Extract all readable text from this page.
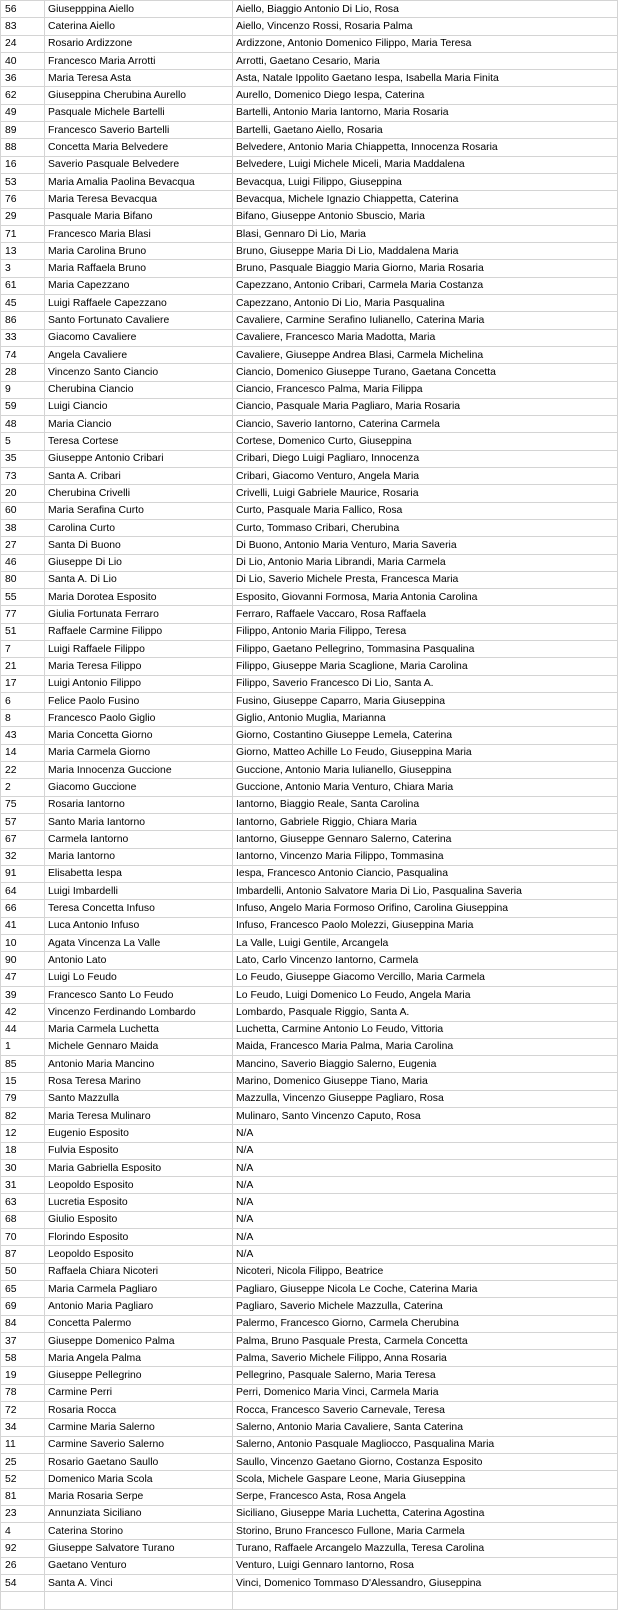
56	Giusepppina Aiello	Aiello, Biaggio Antonio Di Lio, Rosa
83	Caterina Aiello	Aiello, Vincenzo Rossi, Rosaria Palma
24	Rosario Ardizzone	Ardizzone, Antonio Domenico Filippo, Maria Teresa
40	Francesco Maria Arrotti	Arrotti, Gaetano Cesario, Maria
36	Maria Teresa Asta	Asta, Natale Ippolito Gaetano Iespa, Isabella Maria Finita
62	Giuseppina Cherubina Aurello	Aurello, Domenico Diego Iespa, Caterina
49	Pasquale Michele Bartelli	Bartelli, Antonio Maria Iantorno, Maria Rosaria
89	Francesco Saverio Bartelli	Bartelli, Gaetano Aiello, Rosaria
88	Concetta Maria Belvedere	Belvedere, Antonio Maria Chiappetta, Innocenza Rosaria
16	Saverio Pasquale Belvedere	Belvedere, Luigi Michele Miceli, Maria Maddalena
53	Maria Amalia Paolina Bevacqua	Bevacqua, Luigi Filippo, Giuseppina
76	Maria Teresa Bevacqua	Bevacqua, Michele Ignazio Chiappetta, Caterina
29	Pasquale Maria Bifano	Bifano, Giuseppe Antonio Sbuscio, Maria
71	Francesco Maria Blasi	Blasi, Gennaro Di Lio, Maria
13	Maria Carolina Bruno	Bruno, Giuseppe Maria Di Lio, Maddalena Maria
3	Maria Raffaela Bruno	Bruno, Pasquale Biaggio Maria Giorno, Maria Rosaria
61	Maria Capezzano	Capezzano, Antonio Cribari, Carmela Maria Costanza
45	Luigi Raffaele Capezzano	Capezzano, Antonio Di Lio, Maria Pasqualina
86	Santo Fortunato Cavaliere	Cavaliere, Carmine Serafino Iulianello, Caterina Maria
33	Giacomo Cavaliere	Cavaliere, Francesco Maria Madotta, Maria
74	Angela Cavaliere	Cavaliere, Giuseppe Andrea Blasi, Carmela Michelina
28	Vincenzo Santo Ciancio	Ciancio, Domenico Giuseppe Turano, Gaetana Concetta
9	Cherubina Ciancio	Ciancio, Francesco Palma, Maria Filippa
59	Luigi Ciancio	Ciancio, Pasquale Maria Pagliaro, Maria Rosaria
48	Maria Ciancio	Ciancio, Saverio Iantorno, Caterina Carmela
5	Teresa Cortese	Cortese, Domenico Curto, Giuseppina
35	Giuseppe Antonio Cribari	Cribari, Diego Luigi Pagliaro, Innocenza
73	Santa A. Cribari	Cribari, Giacomo Venturo, Angela Maria
20	Cherubina Crivelli	Crivelli, Luigi Gabriele Maurice, Rosaria
60	Maria Serafina Curto	Curto, Pasquale Maria Fallico, Rosa
38	Carolina Curto	Curto, Tommaso Cribari, Cherubina
27	Santa Di Buono	Di Buono, Antonio Maria Venturo, Maria Saveria
46	Giuseppe Di Lio	Di Lio, Antonio Maria Librandi, Maria Carmela
80	Santa A. Di Lio	Di Lio, Saverio Michele Presta, Francesca Maria
55	Maria Dorotea Esposito	Esposito, Giovanni Formosa, Maria Antonia Carolina
77	Giulia Fortunata Ferraro	Ferraro, Raffaele Vaccaro, Rosa Raffaela
51	Raffaele Carmine Filippo	Filippo, Antonio Maria Filippo, Teresa
7	Luigi Raffaele Filippo	Filippo, Gaetano Pellegrino, Tommasina Pasqualina
21	Maria Teresa Filippo	Filippo, Giuseppe Maria Scaglione, Maria Carolina
17	Luigi Antonio Filippo	Filippo, Saverio Francesco Di Lio, Santa A.
6	Felice Paolo Fusino	Fusino, Giuseppe Caparro, Maria Giuseppina
8	Francesco Paolo Giglio	Giglio, Antonio Muglia, Marianna
43	Maria Concetta Giorno	Giorno, Costantino Giuseppe Lemela, Caterina
14	Maria Carmela Giorno	Giorno, Matteo Achille Lo Feudo, Giuseppina Maria
22	Maria Innocenza Guccione	Guccione, Antonio Maria Iulianello, Giuseppina
2	Giacomo Guccione	Guccione, Antonio Maria Venturo, Chiara Maria
75	Rosaria Iantorno	Iantorno, Biaggio Reale, Santa Carolina
57	Santo Maria Iantorno	Iantorno, Gabriele Riggio, Chiara Maria
67	Carmela Iantorno	Iantorno, Giuseppe Gennaro Salerno, Caterina
32	Maria Iantorno	Iantorno, Vincenzo Maria Filippo, Tommasina
91	Elisabetta Iespa	Iespa, Francesco Antonio Ciancio, Pasqualina
64	Luigi Imbardelli	Imbardelli, Antonio Salvatore Maria Di Lio, Pasqualina Saveria
66	Teresa Concetta Infuso	Infuso, Angelo Maria Formoso Orifino, Carolina Giuseppina
41	Luca Antonio Infuso	Infuso, Francesco Paolo Molezzi, Giuseppina Maria
10	Agata Vincenza La Valle	La Valle, Luigi Gentile, Arcangela
90	Antonio Lato	Lato, Carlo Vincenzo Iantorno, Carmela
47	Luigi Lo Feudo	Lo Feudo, Giuseppe Giacomo Vercillo, Maria Carmela
39	Francesco Santo Lo Feudo	Lo Feudo, Luigi Domenico Lo Feudo, Angela Maria
42	Vincenzo Ferdinando Lombardo	Lombardo, Pasquale Riggio, Santa A.
44	Maria Carmela Luchetta	Luchetta, Carmine Antonio Lo Feudo, Vittoria
1	Michele Gennaro Maida	Maida, Francesco Maria Palma, Maria Carolina
85	Antonio Maria Mancino	Mancino, Saverio Biaggio Salerno, Eugenia
15	Rosa Teresa Marino	Marino, Domenico Giuseppe Tiano, Maria
79	Santo Mazzulla	Mazzulla, Vincenzo Giuseppe Pagliaro, Rosa
82	Maria Teresa Mulinaro	Mulinaro, Santo Vincenzo Caputo, Rosa
12	Eugenio Esposito	N/A
18	Fulvia Esposito	N/A
30	Maria Gabriella Esposito	N/A
31	Leopoldo Esposito	N/A
63	Lucretia Esposito	N/A
68	Giulio Esposito	N/A
70	Florindo Esposito	N/A
87	Leopoldo Esposito	N/A
50	Raffaela Chiara Nicoteri	Nicoteri, Nicola Filippo, Beatrice
65	Maria Carmela Pagliaro	Pagliaro, Giuseppe Nicola Le Coche, Caterina Maria
69	Antonio Maria Pagliaro	Pagliaro, Saverio Michele Mazzulla, Caterina
84	Concetta Palermo	Palermo, Francesco Giorno, Carmela Cherubina
37	Giuseppe Domenico Palma	Palma, Bruno Pasquale Presta, Carmela Concetta
58	Maria Angela Palma	Palma, Saverio Michele Filippo, Anna Rosaria
19	Giuseppe Pellegrino	Pellegrino, Pasquale Salerno, Maria Teresa
78	Carmine Perri	Perri, Domenico Maria Vinci, Carmela Maria
72	Rosaria Rocca	Rocca, Francesco Saverio Carnevale, Teresa
34	Carmine Maria Salerno	Salerno, Antonio Maria Cavaliere, Santa Caterina
11	Carmine Saverio Salerno	Salerno, Antonio Pasquale Magliocco, Pasqualina Maria
25	Rosario Gaetano Saullo	Saullo, Vincenzo Gaetano Giorno, Costanza Esposito
52	Domenico Maria Scola	Scola, Michele Gaspare Leone, Maria Giuseppina
81	Maria Rosaria Serpe	Serpe, Francesco Asta, Rosa Angela
23	Annunziata Siciliano	Siciliano, Giuseppe Maria Luchetta, Caterina Agostina
4	Caterina Storino	Storino, Bruno Francesco Fullone, Maria Carmela
92	Giuseppe Salvatore Turano	Turano, Raffaele Arcangelo Mazzulla, Teresa Carolina
26	Gaetano Venturo	Venturo, Luigi Gennaro Iantorno, Rosa
54	Santa A. Vinci	Vinci, Domenico Tommaso D'Alessandro, Giuseppina
